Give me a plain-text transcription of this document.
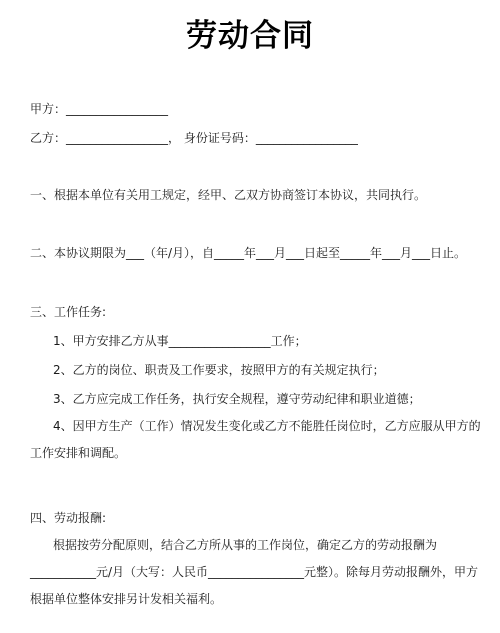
劳动合同
甲方：_________________
乙方：_________________， 身份证号码：_________________
一、根据本单位有关用工规定，经甲、乙双方协商签订本协议，共同执行。
二、本协议期限为___（年/月），自_____年___月___日起至_____年___月___日止。
三、工作任务:
1、甲方安排乙方从事_________________工作；
2、乙方的岗位、职责及工作要求，按照甲方的有关规定执行；
3、乙方应完成工作任务，执行安全规程，遵守劳动纪律和职业道德；
4、因甲方生产（工作）情况发生变化或乙方不能胜任岗位时，乙方应服从甲方的工作安排和调配。
四、劳动报酬:
根据按劳分配原则，结合乙方所从事的工作岗位，确定乙方的劳动报酬为___________元/月（大写：人民币________________元整）。除每月劳动报酬外，甲方根据单位整体安排另计发相关福利。
